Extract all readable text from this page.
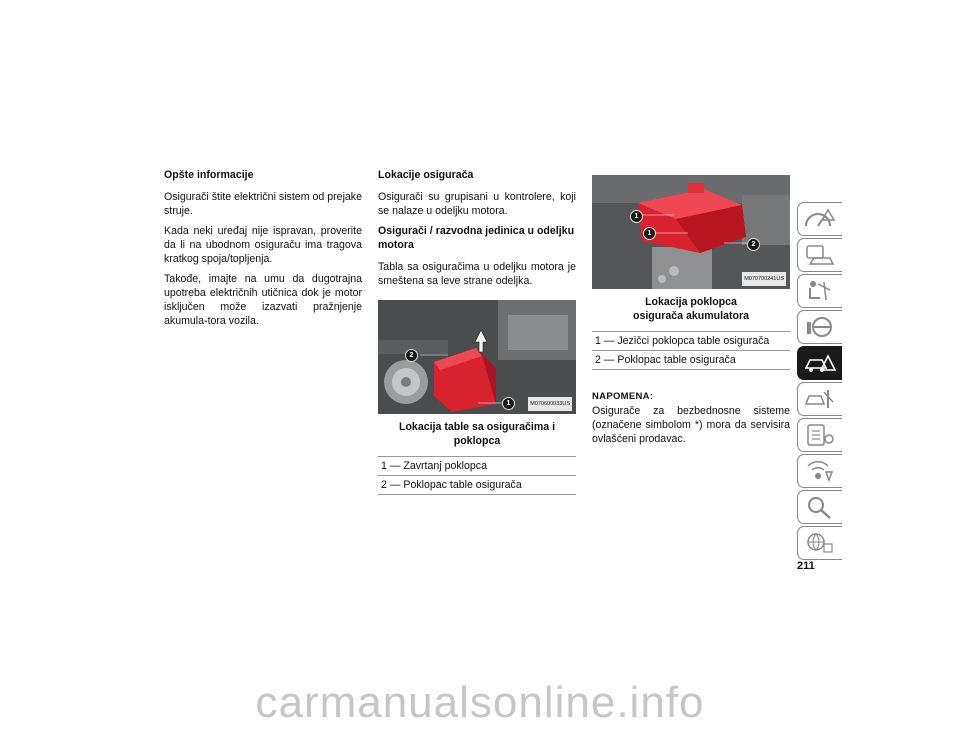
Opšte informacije

Osigurači štite električni sistem od prejake struje.

Kada neki uređaj nije ispravan, proverite da li na ubodnom osiguraču ima tragova kratkog spoja/topljenja.

Takođe, imajte na umu da dugotrajna upotreba električnih utičnica dok je motor isključen može izazvati pražnjenje akumula-tora vozila.

Lokacije osigurača

Osigurači su grupisani u kontrolere, koji se nalaze u odeljku motora.

Osigurači / razvodna jedinica u odeljku motora

Tabla sa osiguračima u odeljku motora je smeštena sa leve strane odeljka.

2
1	M070600033US
Lokacija table sa osiguračima i poklopca
1 — Zavrtanj poklopca
2 — Poklopac table osigurača
1
1
2
M070700241US
Lokacija poklopca osigurača akumulatora
1 — Jezičci poklopca table osigurača
2 — Poklopac table osigurača
NAPOMENA:

Osigurače za bezbednosne sisteme (označene simbolom *) mora da servisira ovlašćeni prodavac.

211
carmanualsonline.info
